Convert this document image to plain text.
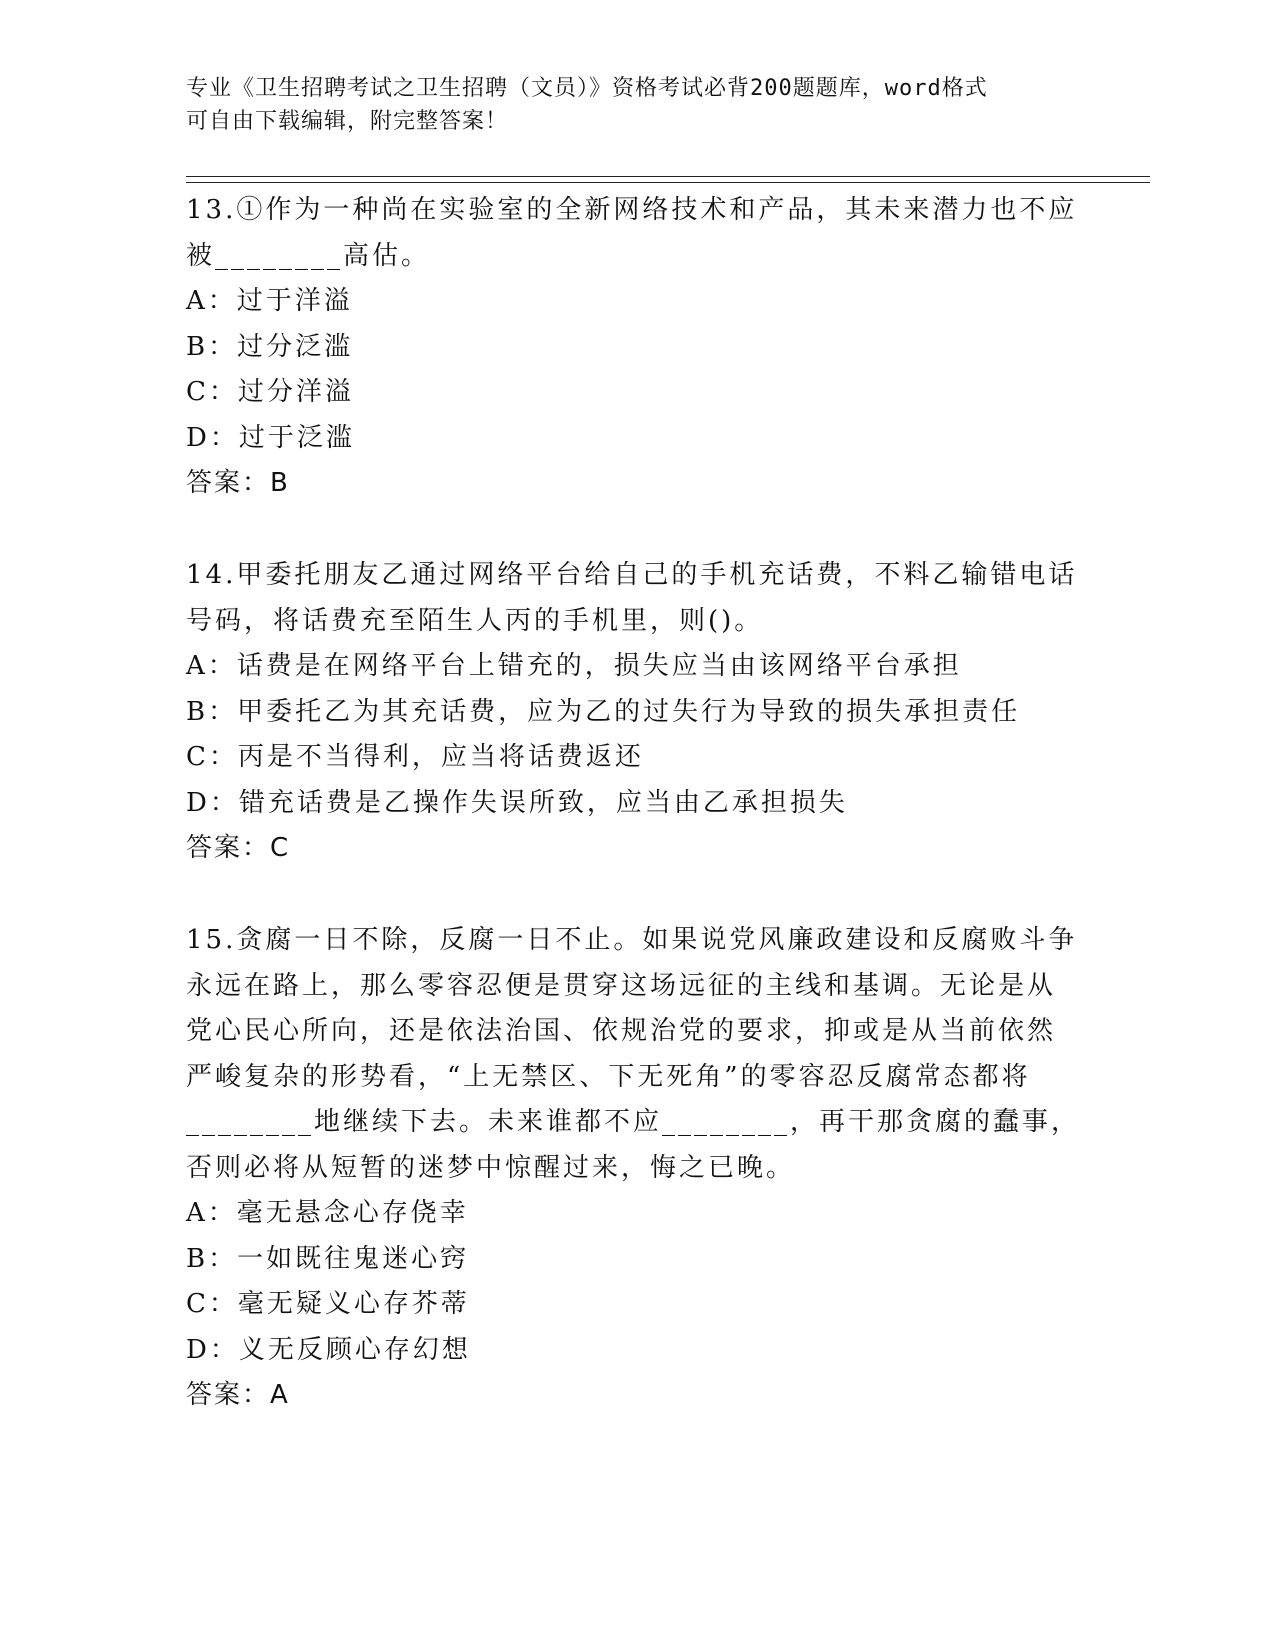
专业《卫生招聘考试之卫生招聘（文员）》资格考试必背200题题库，word格式
可自由下载编辑，附完整答案！
13.①作为一种尚在实验室的全新网络技术和产品，其未来潜力也不应
被________高估。
A：过于洋溢
B：过分泛滥
C：过分洋溢
D：过于泛滥
答案：B
14.甲委托朋友乙通过网络平台给自己的手机充话费，不料乙输错电话
号码，将话费充至陌生人丙的手机里，则()。
A：话费是在网络平台上错充的，损失应当由该网络平台承担
B：甲委托乙为其充话费，应为乙的过失行为导致的损失承担责任
C：丙是不当得利，应当将话费返还
D：错充话费是乙操作失误所致，应当由乙承担损失
答案：C
15.贪腐一日不除，反腐一日不止。如果说党风廉政建设和反腐败斗争
永远在路上，那么零容忍便是贯穿这场远征的主线和基调。无论是从
党心民心所向，还是依法治国、依规治党的要求，抑或是从当前依然
严峻复杂的形势看，“上无禁区、下无死角”的零容忍反腐常态都将
________地继续下去。未来谁都不应________，再干那贪腐的蠢事，
否则必将从短暂的迷梦中惊醒过来，悔之已晚。
A：毫无悬念心存侥幸
B：一如既往鬼迷心窍
C：毫无疑义心存芥蒂
D：义无反顾心存幻想
答案：A
